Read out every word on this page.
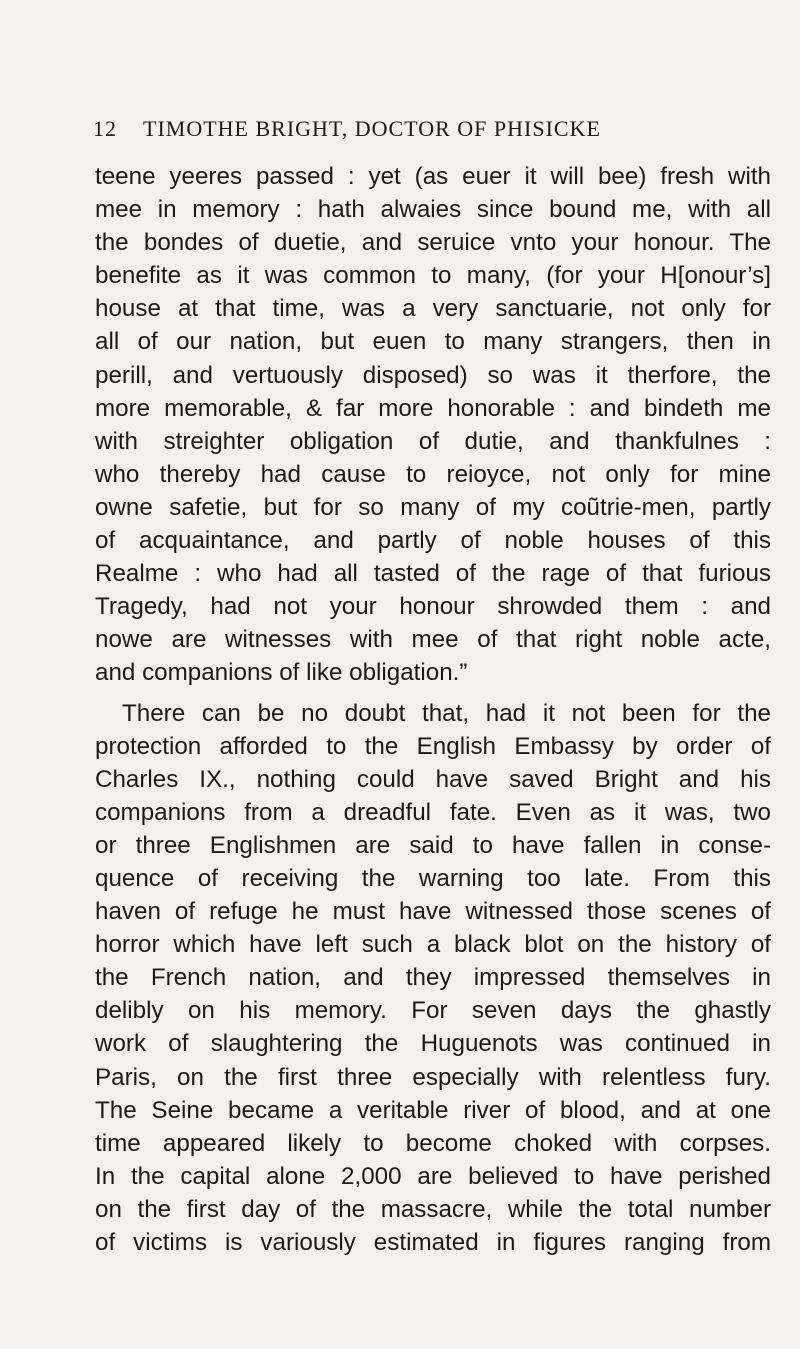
12 TIMOTHE BRIGHT, DOCTOR OF PHISICKE
teene yeeres passed : yet (as euer it will bee) fresh with
mee in memory : hath alwaies since bound me, with all
the bondes of duetie, and seruice vnto your honour. The
benefite as it was common to many, (for your H[onour’s]
house at that time, was a very sanctuarie, not only for
all of our nation, but euen to many strangers, then in
perill, and vertuously disposed) so was it therfore, the
more memorable, & far more honorable : and bindeth me
with streighter obligation of dutie, and thankfulnes :
who thereby had cause to reioyce, not only for mine
owne safetie, but for so many of my coũtrie-men, partly
of acquaintance, and partly of noble houses of this
Realme : who had all tasted of the rage of that furious
Tragedy, had not your honour shrowded them : and
nowe are witnesses with mee of that right noble acte,
and companions of like obligation.”
There can be no doubt that, had it not been for the
protection afforded to the English Embassy by order of
Charles IX., nothing could have saved Bright and his
companions from a dreadful fate. Even as it was, two
or three Englishmen are said to have fallen in conse-
quence of receiving the warning too late. From this
haven of refuge he must have witnessed those scenes of
horror which have left such a black blot on the history of
the French nation, and they impressed themselves in
delibly on his memory. For seven days the ghastly
work of slaughtering the Huguenots was continued in
Paris, on the first three especially with relentless fury.
The Seine became a veritable river of blood, and at one
time appeared likely to become choked with corpses.
In the capital alone 2,000 are believed to have perished
on the first day of the massacre, while the total number
of victims is variously estimated in figures ranging from
